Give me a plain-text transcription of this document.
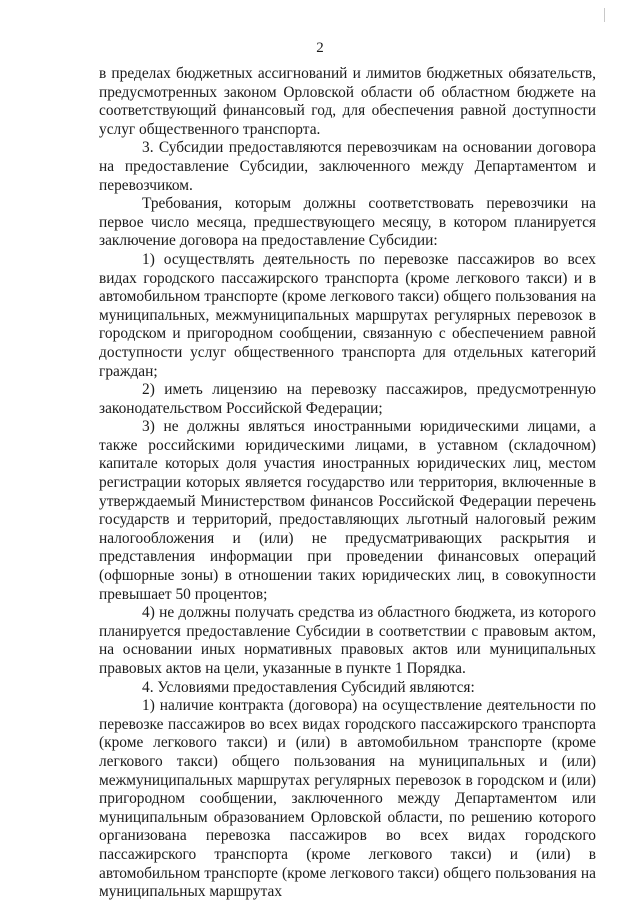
2

в пределах бюджетных ассигнований и лимитов бюджетных обязательств, предусмотренных законом Орловской области об областном бюджете на соответствующий финансовый год, для обеспечения равной доступности услуг общественного транспорта.

3. Субсидии предоставляются перевозчикам на основании договора на предоставление Субсидии, заключенного между Департаментом и перевозчиком.

Требования, которым должны соответствовать перевозчики на первое число месяца, предшествующего месяцу, в котором планируется заключение договора на предоставление Субсидии:

1) осуществлять деятельность по перевозке пассажиров во всех видах городского пассажирского транспорта (кроме легкового такси) и в автомобильном транспорте (кроме легкового такси) общего пользования на муниципальных, межмуниципальных маршрутах регулярных перевозок в городском и пригородном сообщении, связанную с обеспечением равной доступности услуг общественного транспорта для отдельных категорий граждан;

2) иметь лицензию на перевозку пассажиров, предусмотренную законодательством Российской Федерации;

3) не должны являться иностранными юридическими лицами, а также российскими юридическими лицами, в уставном (складочном) капитале которых доля участия иностранных юридических лиц, местом регистрации которых является государство или территория, включенные в утверждаемый Министерством финансов Российской Федерации перечень государств и территорий, предоставляющих льготный налоговый режим налогообложения и (или) не предусматривающих раскрытия и представления информации при проведении финансовых операций (офшорные зоны) в отношении таких юридических лиц, в совокупности превышает 50 процентов;

4) не должны получать средства из областного бюджета, из которого планируется предоставление Субсидии в соответствии с правовым актом, на основании иных нормативных правовых актов или муниципальных правовых актов на цели, указанные в пункте 1 Порядка.

4. Условиями предоставления Субсидий являются:

1) наличие контракта (договора) на осуществление деятельности по перевозке пассажиров во всех видах городского пассажирского транспорта (кроме легкового такси) и (или) в автомобильном транспорте (кроме легкового такси) общего пользования на муниципальных и (или) межмуниципальных маршрутах регулярных перевозок в городском и (или) пригородном сообщении, заключенного между Департаментом или муниципальным образованием Орловской области, по решению которого организована перевозка пассажиров во всех видах городского пассажирского транспорта (кроме легкового такси) и (или) в автомобильном транспорте (кроме легкового такси) общего пользования на муниципальных маршрутах
